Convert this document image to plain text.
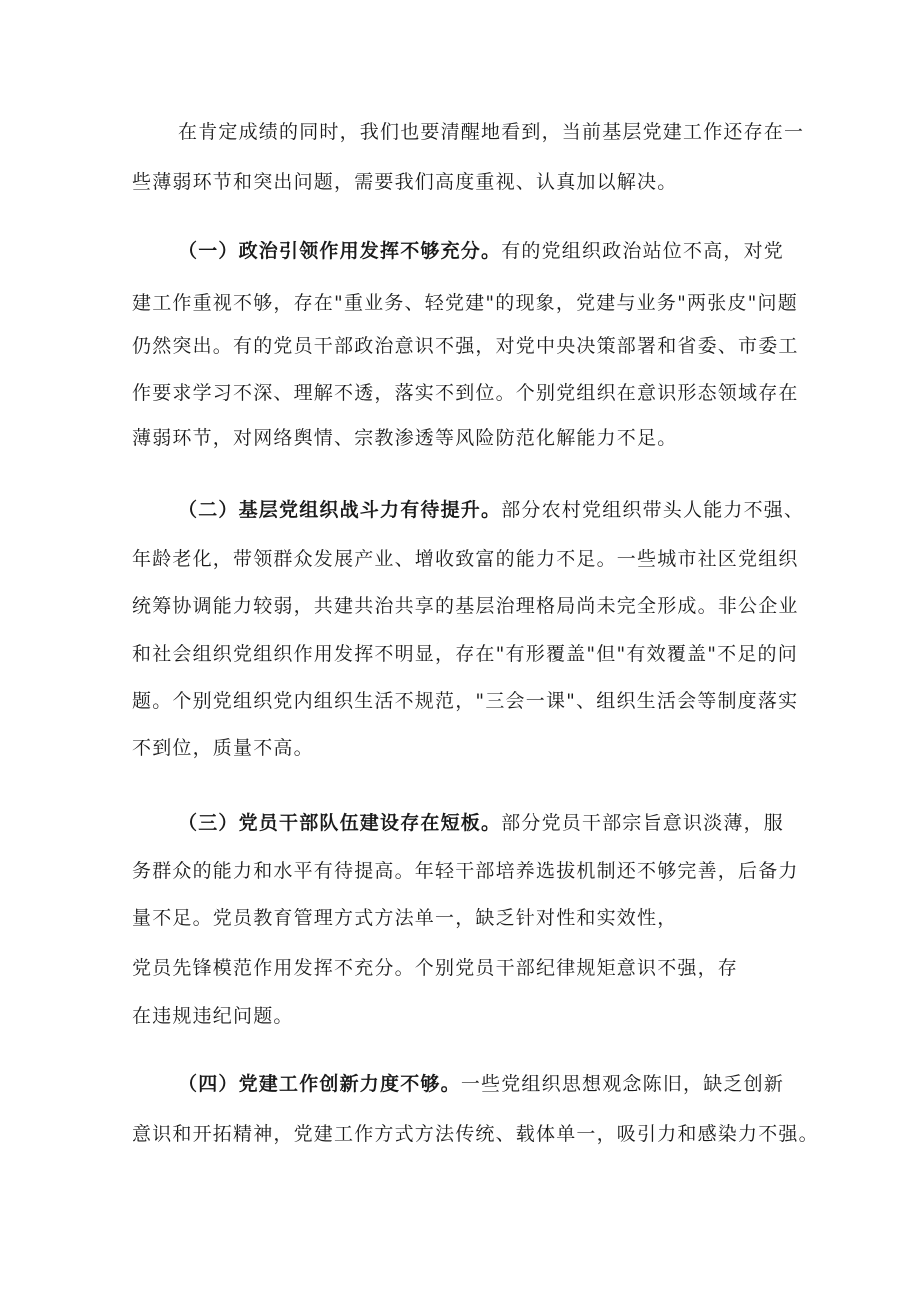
在肯定成绩的同时，我们也要清醒地看到，当前基层党建工作还存在一
些薄弱环节和突出问题，需要我们高度重视、认真加以解决。
（一）政治引领作用发挥不够充分。有的党组织政治站位不高，对党
建工作重视不够，存在"重业务、轻党建"的现象，党建与业务"两张皮"问题
仍然突出。有的党员干部政治意识不强，对党中央决策部署和省委、市委工
作要求学习不深、理解不透，落实不到位。个别党组织在意识形态领域存在
薄弱环节，对网络舆情、宗教渗透等风险防范化解能力不足。
（二）基层党组织战斗力有待提升。部分农村党组织带头人能力不强、
年龄老化，带领群众发展产业、增收致富的能力不足。一些城市社区党组织
统筹协调能力较弱，共建共治共享的基层治理格局尚未完全形成。非公企业
和社会组织党组织作用发挥不明显，存在"有形覆盖"但"有效覆盖"不足的问
题。个别党组织党内组织生活不规范，"三会一课"、组织生活会等制度落实
不到位，质量不高。
（三）党员干部队伍建设存在短板。部分党员干部宗旨意识淡薄，服
务群众的能力和水平有待提高。年轻干部培养选拔机制还不够完善，后备力
量不足。党员教育管理方式方法单一，缺乏针对性和实效性，
党员先锋模范作用发挥不充分。个别党员干部纪律规矩意识不强，存
在违规违纪问题。
（四）党建工作创新力度不够。一些党组织思想观念陈旧，缺乏创新
意识和开拓精神，党建工作方式方法传统、载体单一，吸引力和感染力不强。
